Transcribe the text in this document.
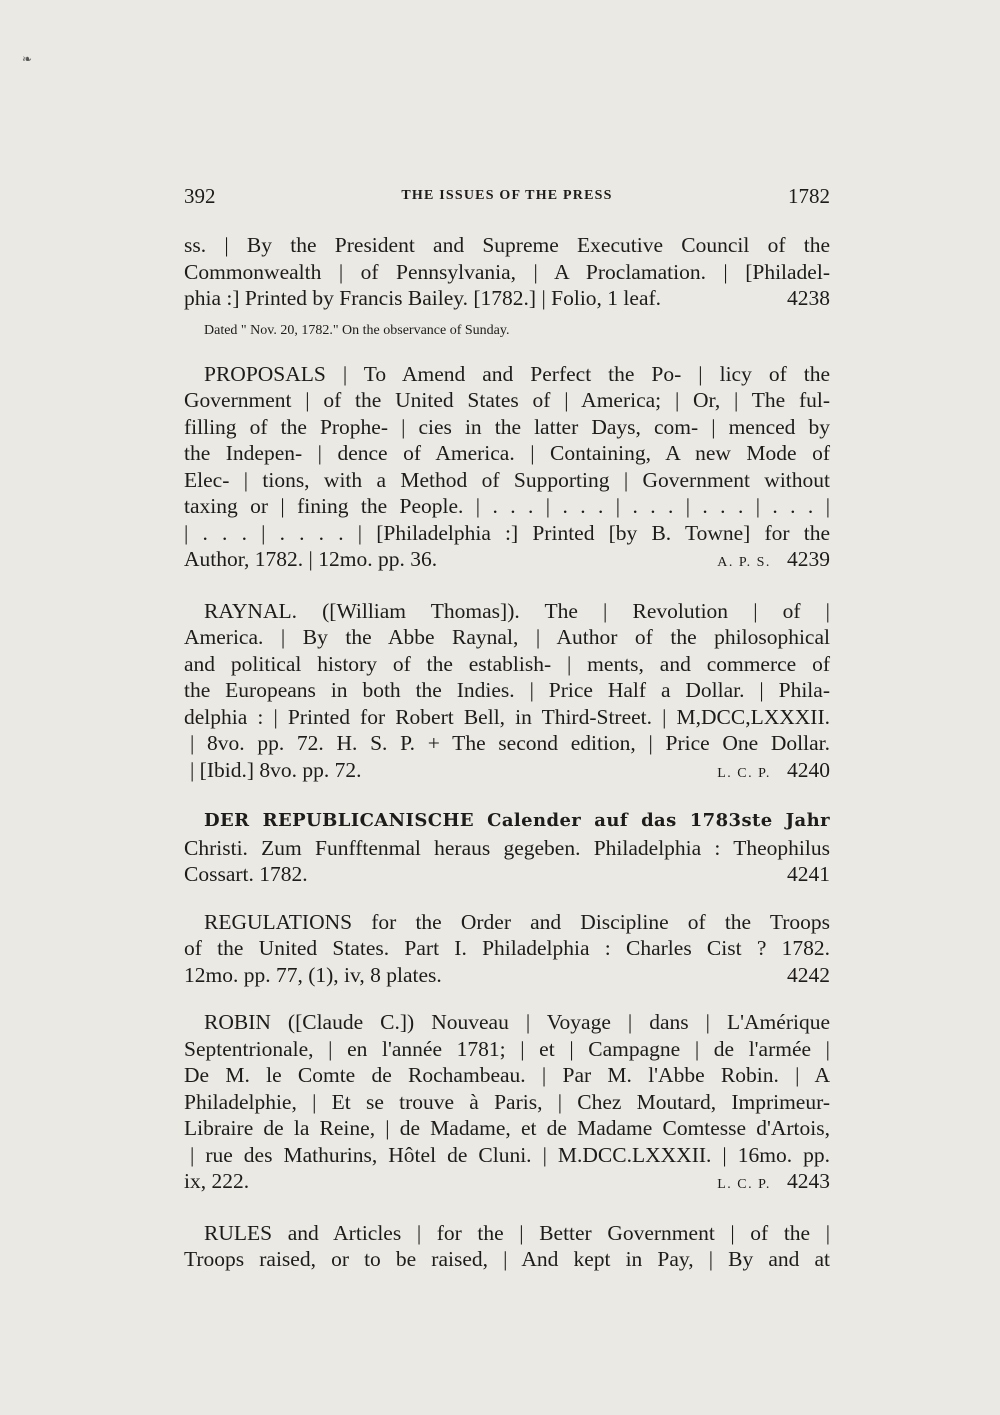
❧
392	THE ISSUES OF THE PRESS	1782
ss. | By the President and Supreme Executive Council of the
Commonwealth | of Pennsylvania, | A Proclamation. | [Philadel-
phia :] Printed by Francis Bailey. [1782.] | Folio, 1 leaf.	4238
Dated " Nov. 20, 1782." On the observance of Sunday.
PROPOSALS | To Amend and Perfect the Po- | licy of the
Government | of the United States of | America; | Or, | The ful-
filling of the Prophe- | cies in the latter Days, com- | menced by
the Indepen- | dence of America. | Containing, A new Mode of
Elec- | tions, with a Method of Supporting | Government without
taxing or | fining the People. | . . . | . . . | . . . | . . . | . . . |
| . . . | . . . . | [Philadelphia :] Printed [by B. Towne] for the
Author, 1782. | 12mo. pp. 36.	A. P. S. 4239
RAYNAL. ([William Thomas]). The | Revolution | of |
America. | By the Abbe Raynal, | Author of the philosophical
and political history of the establish- | ments, and commerce of
the Europeans in both the Indies. | Price Half a Dollar. | Phila-
delphia : | Printed for Robert Bell, in Third-Street. | M,DCC,LXXXII.
| 8vo. pp. 72. H. S. P. + The second edition, | Price One Dollar.
| [Ibid.] 8vo. pp. 72.	L. C. P. 4240
DER REPUBLICANISCHE Calender auf das 1783ste Jahr
Christi. Zum Funfftenmal heraus gegeben. Philadelphia : Theophilus
Cossart. 1782.	4241
REGULATIONS for the Order and Discipline of the Troops
of the United States. Part I. Philadelphia : Charles Cist ? 1782.
12mo. pp. 77, (1), iv, 8 plates.	4242
ROBIN ([Claude C.]) Nouveau | Voyage | dans | L'Amérique
Septentrionale, | en l'année 1781; | et | Campagne | de l'armée |
De M. le Comte de Rochambeau. | Par M. l'Abbe Robin. | A
Philadelphie, | Et se trouve à Paris, | Chez Moutard, Imprimeur-
Libraire de la Reine, | de Madame, et de Madame Comtesse d'Artois,
| rue des Mathurins, Hôtel de Cluni. | M.DCC.LXXXII. | 16mo. pp.
ix, 222.	L. C. P. 4243
RULES and Articles | for the | Better Government | of the |
Troops raised, or to be raised, | And kept in Pay, | By and at
